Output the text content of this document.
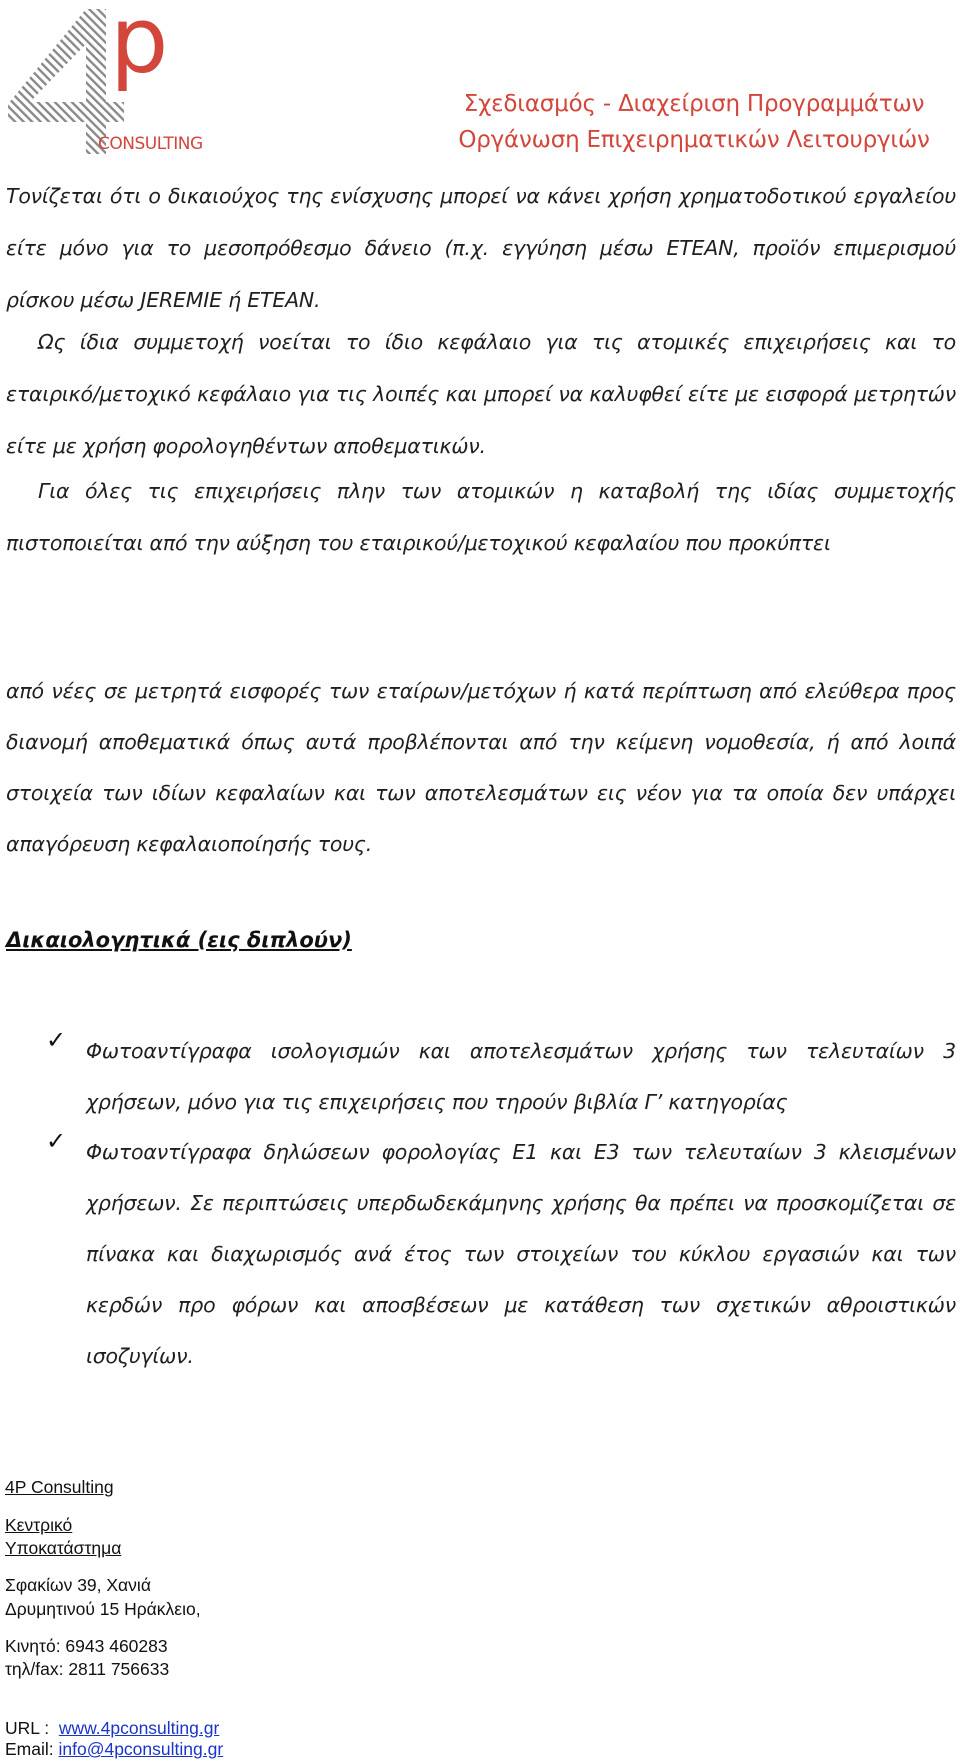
p
CONSULTING
Σχεδιασμός - Διαχείριση Προγραμμάτων
Οργάνωση Επιχειρηματικών Λειτουργιών
Τονίζεται ότι ο δικαιούχος της ενίσχυσης μπορεί να κάνει χρήση χρηματοδοτικού εργαλείου είτε μόνο για το μεσοπρόθεσμο δάνειο (π.χ. εγγύηση μέσω ΕΤΕΑΝ, προϊόν επιμερισμού ρίσκου μέσω JEREMIE ή ΕΤΕΑΝ.
Ως ίδια συμμετοχή νοείται το ίδιο κεφάλαιο για τις ατομικές επιχειρήσεις και το εταιρικό/μετοχικό κεφάλαιο για τις λοιπές και μπορεί να καλυφθεί είτε με εισφορά μετρητών είτε με χρήση φορολογηθέντων αποθεματικών.
Για όλες τις επιχειρήσεις πλην των ατομικών η καταβολή της ιδίας συμμετοχής πιστοποιείται από την αύξηση του εταιρικού/μετοχικού κεφαλαίου που προκύπτει
από νέες σε μετρητά εισφορές των εταίρων/μετόχων ή κατά περίπτωση από ελεύθερα προς διανομή αποθεματικά όπως αυτά προβλέπονται από την κείμενη νομοθεσία, ή από λοιπά στοιχεία των ιδίων κεφαλαίων και των αποτελεσμάτων εις νέον για τα οποία δεν υπάρχει απαγόρευση κεφαλαιοποίησής τους.
Δικαιολογητικά (εις διπλούν)
✓ Φωτοαντίγραφα ισολογισμών και αποτελεσμάτων χρήσης των τελευταίων 3 χρήσεων, μόνο για τις επιχειρήσεις που τηρούν βιβλία Γ’ κατηγορίας
✓ Φωτοαντίγραφα δηλώσεων φορολογίας Ε1 και Ε3 των τελευταίων 3 κλεισμένων χρήσεων. Σε περιπτώσεις υπερδωδεκάμηνης χρήσης θα πρέπει να προσκομίζεται σε πίνακα και διαχωρισμός ανά έτος των στοιχείων του κύκλου εργασιών και των κερδών προ φόρων και αποσβέσεων με κατάθεση των σχετικών αθροιστικών ισοζυγίων.
4P Consulting
Κεντρικό
Υποκατάστημα
Σφακίων 39, Χανιά
Δρυμητινού 15 Ηράκλειο,
Κινητό: 6943 460283
τηλ/fax: 2811 756633
URL :  www.4pconsulting.gr
Email: info@4pconsulting.gr
